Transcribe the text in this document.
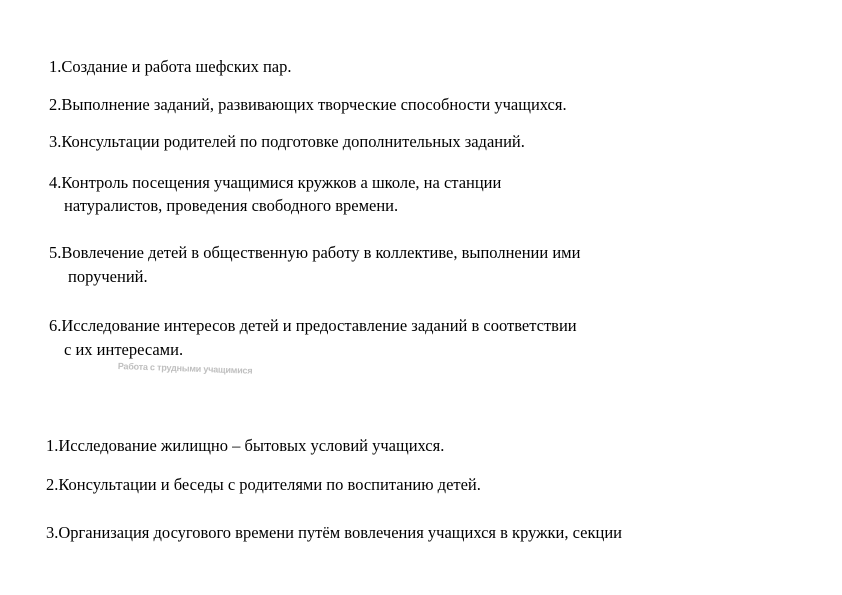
1.Создание и работа шефских пар.

2.Выполнение заданий, развивающих творческие способности учащихся.

3.Консультации родителей по подготовке дополнительных заданий.

4.Контроль посещения учащимися кружков а школе, на станции

натуралистов, проведения свободного времени.

5.Вовлечение детей в общественную работу в коллективе, выполнении ими

поручений.

6.Исследование интересов детей и предоставление заданий в соответствии

с их интересами.

Работа с трудными учащимися

1.Исследование жилищно – бытовых условий учащихся.

2.Консультации и беседы с родителями по воспитанию детей.

3.Организация досугового времени путём вовлечения учащихся в кружки, секции
